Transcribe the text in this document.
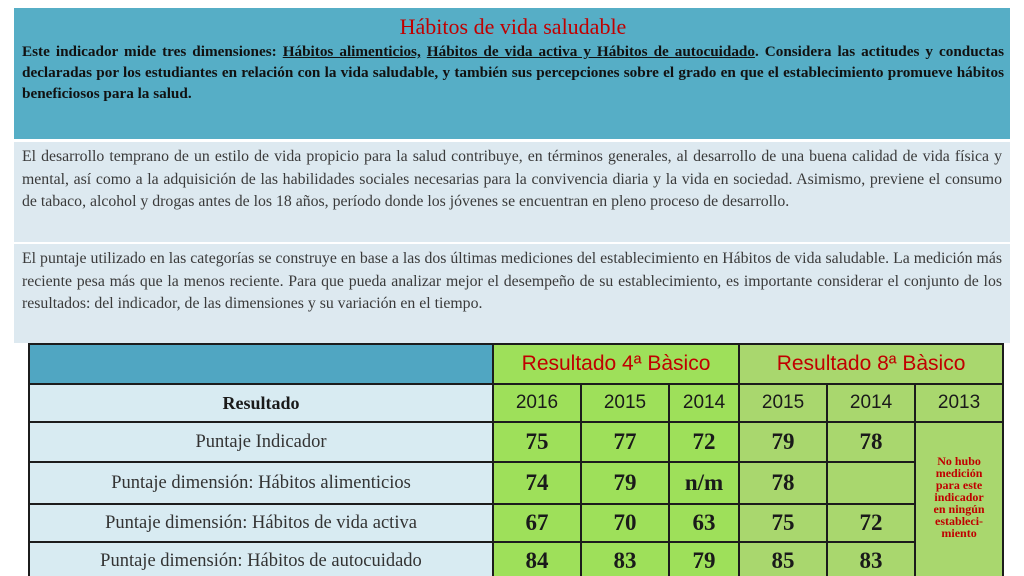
Hábitos de vida saludable
Este indicador mide tres dimensiones: Hábitos alimenticios, Hábitos de vida activa y Hábitos de autocuidado. Considera las actitudes y conductas declaradas por los estudiantes en relación con la vida saludable, y también sus percepciones sobre el grado en que el establecimiento promueve hábitos beneficiosos para la salud.
El desarrollo temprano de un estilo de vida propicio para la salud contribuye, en términos generales, al desarrollo de una buena calidad de vida física y mental, así como a la adquisición de las habilidades sociales necesarias para la convivencia diaria y la vida en sociedad. Asimismo, previene el consumo de tabaco, alcohol y drogas antes de los 18 años, período donde los jóvenes se encuentran en pleno proceso de desarrollo.
El puntaje utilizado en las categorías se construye en base a las dos últimas mediciones del establecimiento en Hábitos de vida saludable. La medición más reciente pesa más que la menos reciente. Para que pueda analizar mejor el desempeño de su establecimiento, es importante considerar el conjunto de los resultados: del indicador, de las dimensiones y su variación en el tiempo.
	Resultado 4ª Bàsico			Resultado 8ª Bàsico		
Resultado	2016	2015	2014	2015	2014	2013
Puntaje Indicador	75	77	72	79	78	No hubo medición para este indicador en ningún estableci- miento

Puntaje dimensión: Hábitos alimenticios	74	79	n/m	78		
Puntaje dimensión: Hábitos de vida activa	67	70	63	75	72	
Puntaje dimensión: Hábitos de autocuidado	84	83	79	85	83	
